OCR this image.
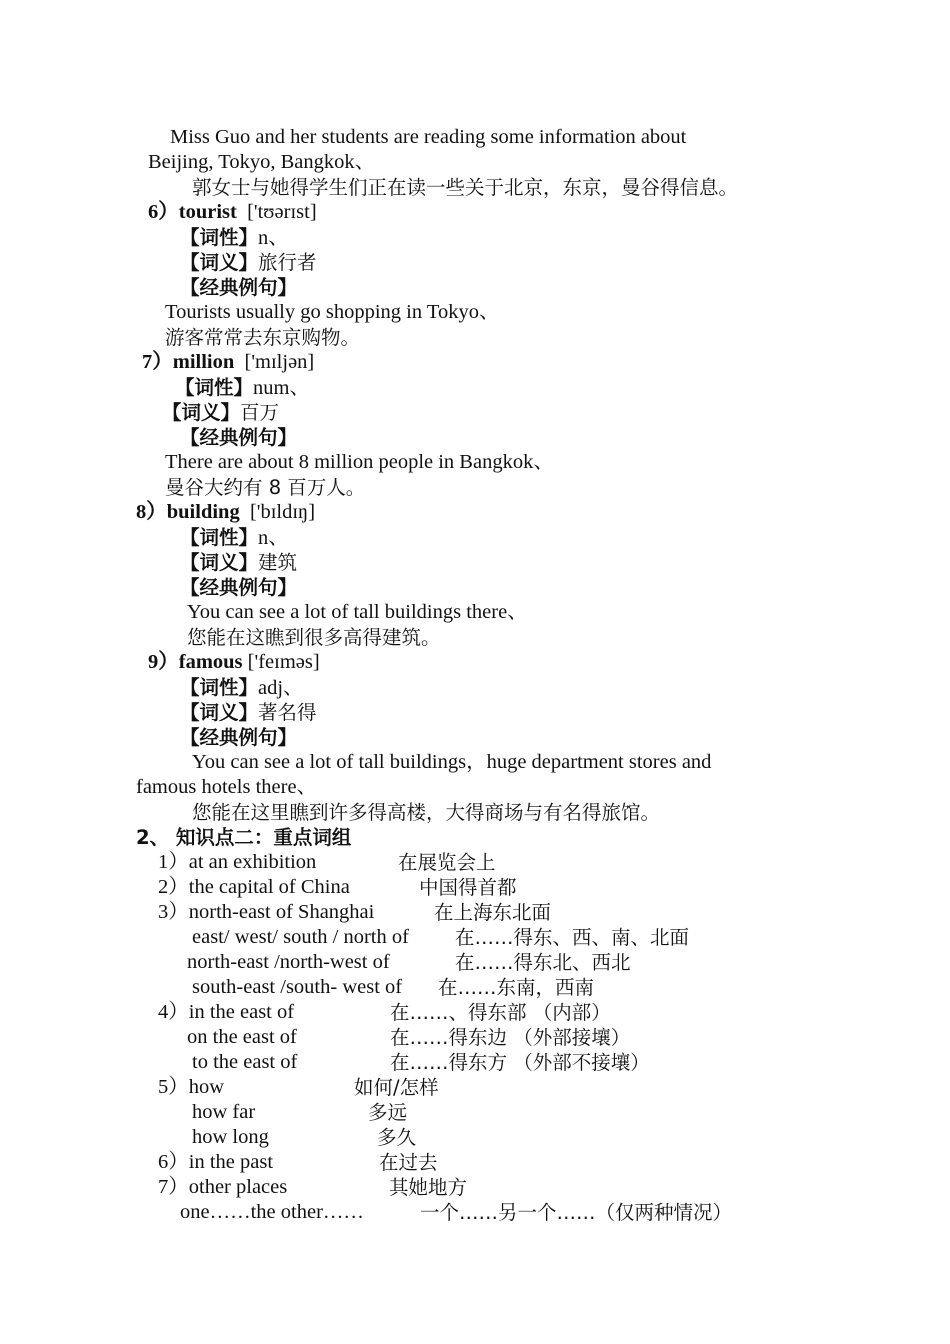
Miss Guo and her students are reading some information about
Beijing, Tokyo, Bangkok、
郭女士与她得学生们正在读一些关于北京，东京，曼谷得信息。
6）tourist ['tʊərɪst]
【词性】n、
【词义】旅行者
【经典例句】
Tourists usually go shopping in Tokyo、
游客常常去东京购物。
7）million ['mɪljən]
【词性】num、
【词义】百万
【经典例句】
There are about 8 million people in Bangkok、
曼谷大约有 8 百万人。
8）building ['bɪldɪŋ]
【词性】n、
【词义】建筑
【经典例句】
You can see a lot of tall buildings there、
您能在这瞧到很多高得建筑。
9）famous ['feɪməs]
【词性】adj、
【词义】著名得
【经典例句】
You can see a lot of tall buildings，huge department stores and
famous hotels there、
您能在这里瞧到许多得高楼，大得商场与有名得旅馆。
2、 知识点二：重点词组
1）at an exhibition	在展览会上
2）the capital of China	中国得首都
3）north-east of Shanghai	在上海东北面
east/ west/ south / north of 在……得东、西、南、北面
north-east /north-west of	在……得东北、西北
south-east /south- west of 在……东南，西南
4）in the east of	在……、得东部 （内部）
on the east of	在……得东边 （外部接壤）
to the east of	在……得东方 （外部不接壤）
5）how	如何/怎样
how far	多远
how long	多久
6）in the past	在过去
7）other places	其她地方
one……the other……	一个……另一个……（仅两种情况）
